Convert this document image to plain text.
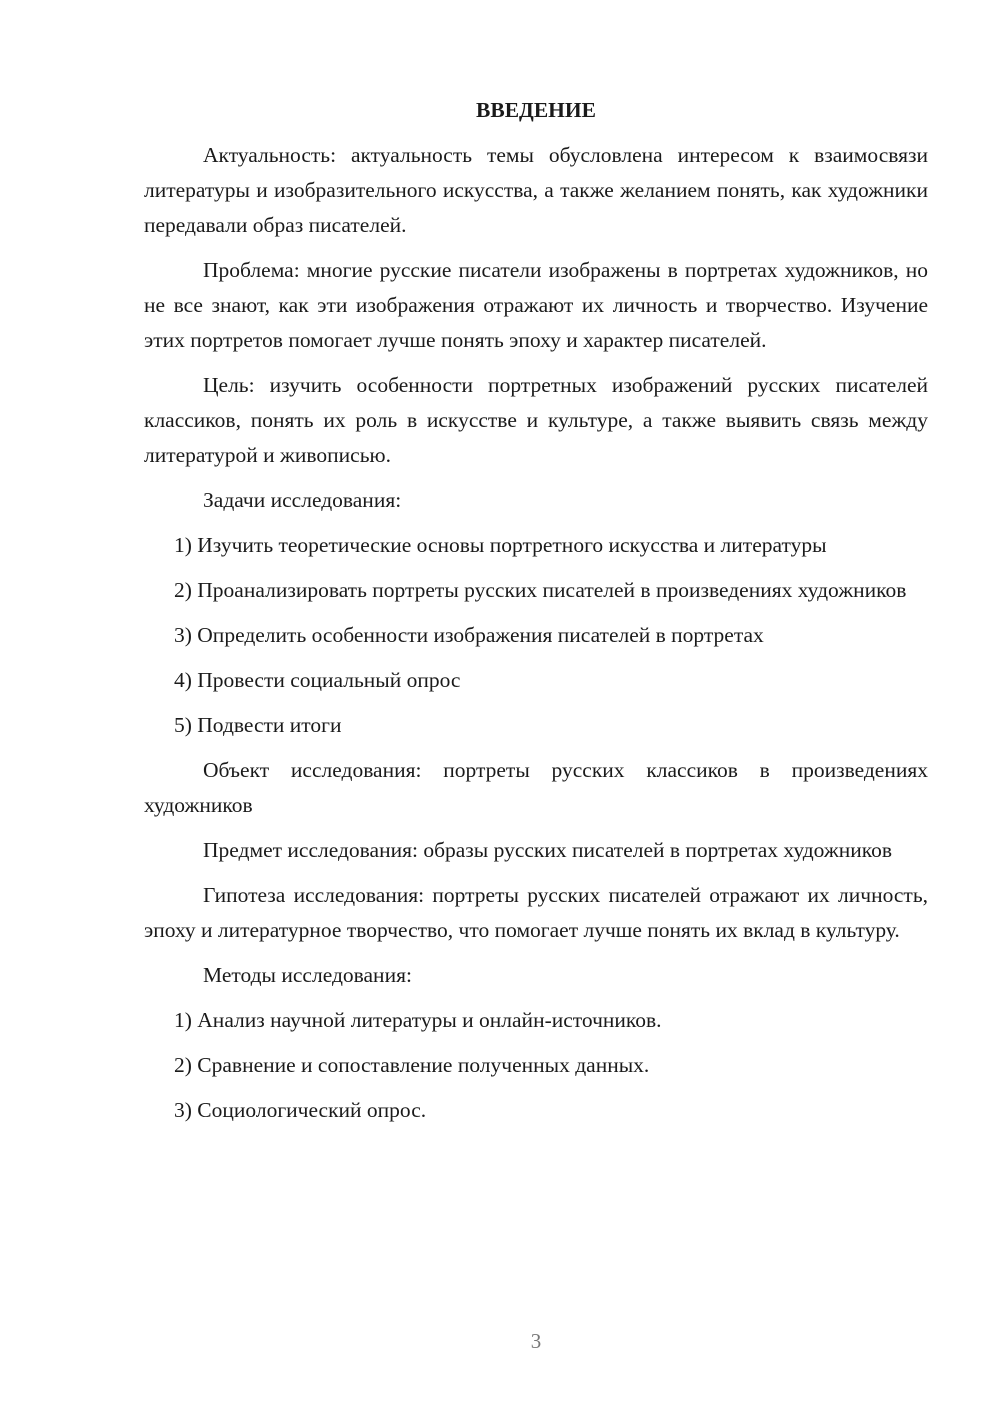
ВВЕДЕНИЕ

Актуальность: актуальность темы обусловлена интересом к взаимосвязи литературы и изобразительного искусства, а также желанием понять, как художники передавали образ писателей.

Проблема: многие русские писатели изображены в портретах художников, но не все знают, как эти изображения отражают их личность и творчество. Изучение этих портретов помогает лучше понять эпоху и характер писателей.

Цель: изучить особенности портретных изображений русских писателей классиков, понять их роль в искусстве и культуре, а также выявить связь между литературой и живописью.

Задачи исследования:

1) Изучить теоретические основы портретного искусства и литературы

2) Проанализировать портреты русских писателей в произведениях художников

3) Определить особенности изображения писателей в портретах

4) Провести социальный опрос

5) Подвести итоги

Объект исследования: портреты русских классиков в произведениях художников

Предмет исследования: образы русских писателей в портретах художников

Гипотеза исследования: портреты русских писателей отражают их личность, эпоху и литературное творчество, что помогает лучше понять их вклад в культуру.

Методы исследования:

1) Анализ научной литературы и онлайн-источников.

2) Сравнение и сопоставление полученных данных.

3) Социологический опрос.

3
